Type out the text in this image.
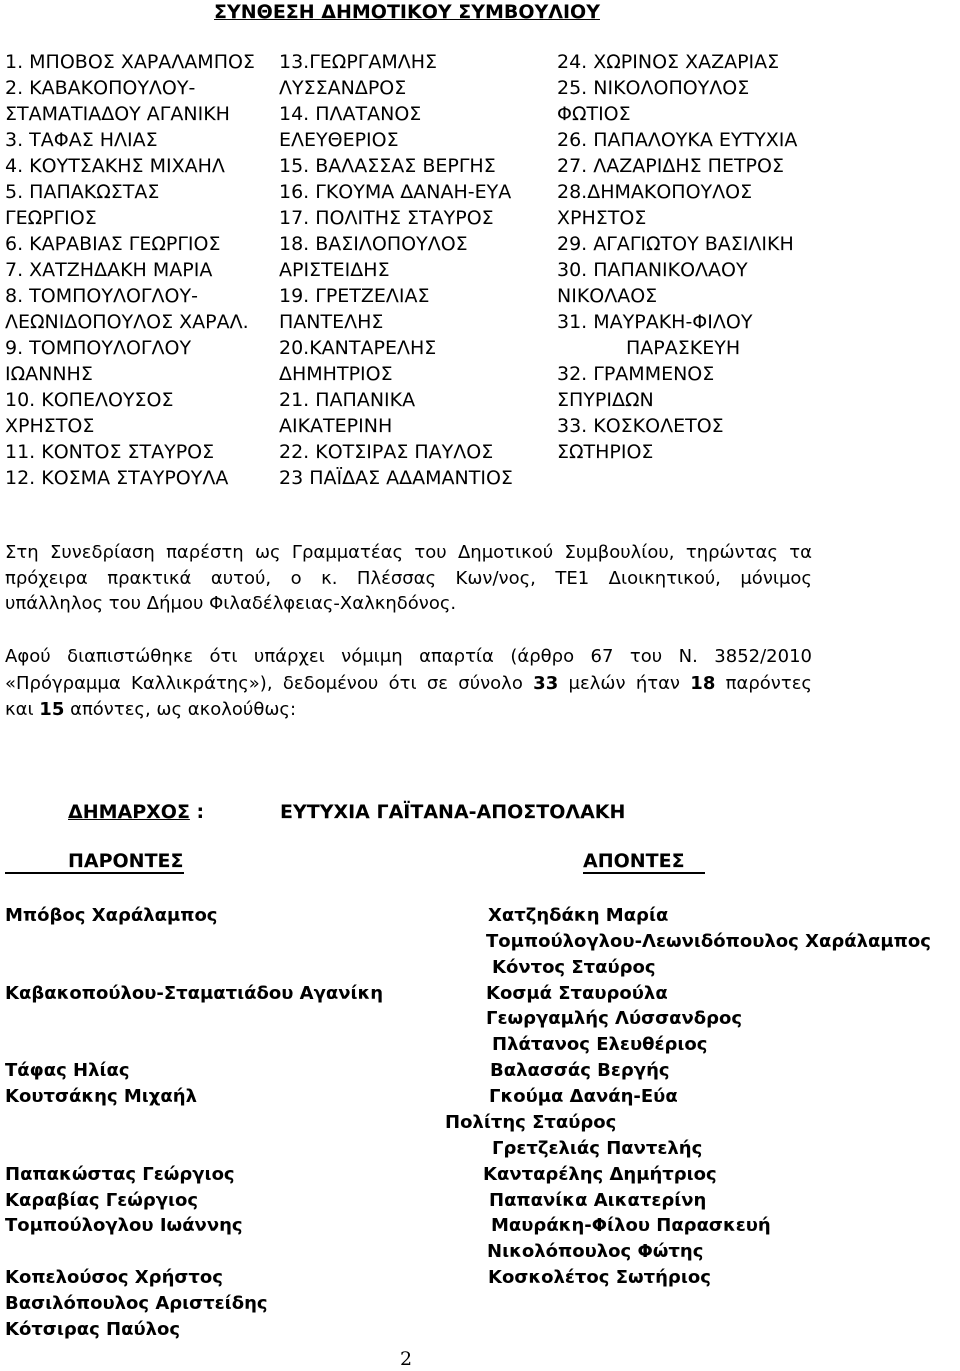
ΣΥΝΘΕΣΗ ΔΗΜΟΤΙΚΟΥ ΣΥΜΒΟΥΛΙΟΥ
1. ΜΠΟΒΟΣ ΧΑΡΑΛΑΜΠΟΣ
2. ΚΑΒΑΚΟΠΟΥΛΟΥ-
ΣΤΑΜΑΤΙΑΔΟΥ ΑΓΑΝΙΚΗ
3. ΤΑΦΑΣ ΗΛΙΑΣ
4. ΚΟΥΤΣΑΚΗΣ ΜΙΧΑΗΛ
5. ΠΑΠΑΚΩΣΤΑΣ
ΓΕΩΡΓΙΟΣ
6. ΚΑΡΑΒΙΑΣ ΓΕΩΡΓΙΟΣ
7. ΧΑΤΖΗΔΑΚΗ ΜΑΡΙΑ
8. ΤΟΜΠΟΥΛΟΓΛΟΥ-
ΛΕΩΝΙΔΟΠΟΥΛΟΣ ΧΑΡΑΛ.
9. ΤΟΜΠΟΥΛΟΓΛΟΥ
ΙΩΑΝΝΗΣ
10. ΚΟΠΕΛΟΥΣΟΣ
ΧΡΗΣΤΟΣ
11. ΚΟΝΤΟΣ ΣΤΑΥΡΟΣ
12. ΚΟΣΜΑ ΣΤΑΥΡΟΥΛΑ
13.ΓΕΩΡΓΑΜΛΗΣ
ΛΥΣΣΑΝΔΡΟΣ
14. ΠΛΑΤΑΝΟΣ
ΕΛΕΥΘΕΡΙΟΣ
15. ΒΑΛΑΣΣΑΣ ΒΕΡΓΗΣ
16. ΓΚΟΥΜΑ ΔΑΝΑΗ-ΕΥΑ
17. ΠΟΛΙΤΗΣ ΣΤΑΥΡΟΣ
18. ΒΑΣΙΛΟΠΟΥΛΟΣ
ΑΡΙΣΤΕΙΔΗΣ
19. ΓΡΕΤΖΕΛΙΑΣ
ΠΑΝΤΕΛΗΣ
20.ΚΑΝΤΑΡΕΛΗΣ
ΔΗΜΗΤΡΙΟΣ
21. ΠΑΠΑΝΙΚΑ
ΑΙΚΑΤΕΡΙΝΗ
22. ΚΟΤΣΙΡΑΣ ΠΑΥΛΟΣ
23 ΠΑΪΔΑΣ ΑΔΑΜΑΝΤΙΟΣ
24. ΧΩΡΙΝΟΣ ΧΑΖΑΡΙΑΣ
25. ΝΙΚΟΛΟΠΟΥΛΟΣ
ΦΩΤΙΟΣ
26. ΠΑΠΑΛΟΥΚΑ ΕΥΤΥΧΙΑ
27. ΛΑΖΑΡΙΔΗΣ ΠΕΤΡΟΣ
28.ΔΗΜΑΚΟΠΟΥΛΟΣ
ΧΡΗΣΤΟΣ
29. ΑΓΑΓΙΩΤΟΥ ΒΑΣΙΛΙΚΗ
30. ΠΑΠΑΝΙΚΟΛΑΟΥ
ΝΙΚΟΛΑΟΣ
31. ΜΑΥΡΑΚΗ-ΦΙΛΟΥ
ΠΑΡΑΣΚΕΥΗ
32. ΓΡΑΜΜΕΝΟΣ
ΣΠΥΡΙΔΩΝ
33. ΚΟΣΚΟΛΕΤΟΣ
ΣΩΤΗΡΙΟΣ
Στη Συνεδρίαση παρέστη ως Γραμματέας του Δημοτικού Συμβουλίου, τηρώντας τα
πρόχειρα πρακτικά αυτού, ο κ. Πλέσσας Κων/νος, ΤΕ1 Διοικητικού, μόνιμος
υπάλληλος του Δήμου Φιλαδέλφειας-Χαλκηδόνος.
Αφού διαπιστώθηκε ότι υπάρχει νόμιμη απαρτία (άρθρο 67 του Ν. 3852/2010
«Πρόγραμμα Καλλικράτης»), δεδομένου ότι σε σύνολο 33 μελών ήταν 18 παρόντες
και 15 απόντες, ως ακολούθως:
ΔΗΜΑΡΧΟΣ :	ΕΥΤΥΧΙΑ ΓΑΪΤΑΝΑ-ΑΠΟΣΤΟΛΑΚΗ
ΠΑΡΟΝΤΕΣ	ΑΠΟΝΤΕΣ
Μπόβος Χαράλαμπος
Καβακοπούλου-Σταματιάδου Αγανίκη
Τάφας Ηλίας
Κουτσάκης Μιχαήλ
Παπακώστας Γεώργιος
Καραβίας Γεώργιος
Τομπούλογλου Ιωάννης
Κοπελούσος Χρήστος
Βασιλόπουλος Αριστείδης
Κότσιρας Παύλος
Χατζηδάκη Μαρία
Τομπούλογλου-Λεωνιδόπουλος Χαράλαμπος
Κόντος Σταύρος
Κοσμά Σταυρούλα
Γεωργαμλής Λύσσανδρος
Πλάτανος Ελευθέριος
Βαλασσάς Βεργής
Γκούμα Δανάη-Εύα
Πολίτης Σταύρος
Γρετζελιάς Παντελής
Κανταρέλης Δημήτριος
Παπανίκα Αικατερίνη
Μαυράκη-Φίλου Παρασκευή
Νικολόπουλος Φώτης
Κοσκολέτος Σωτήριος
2
